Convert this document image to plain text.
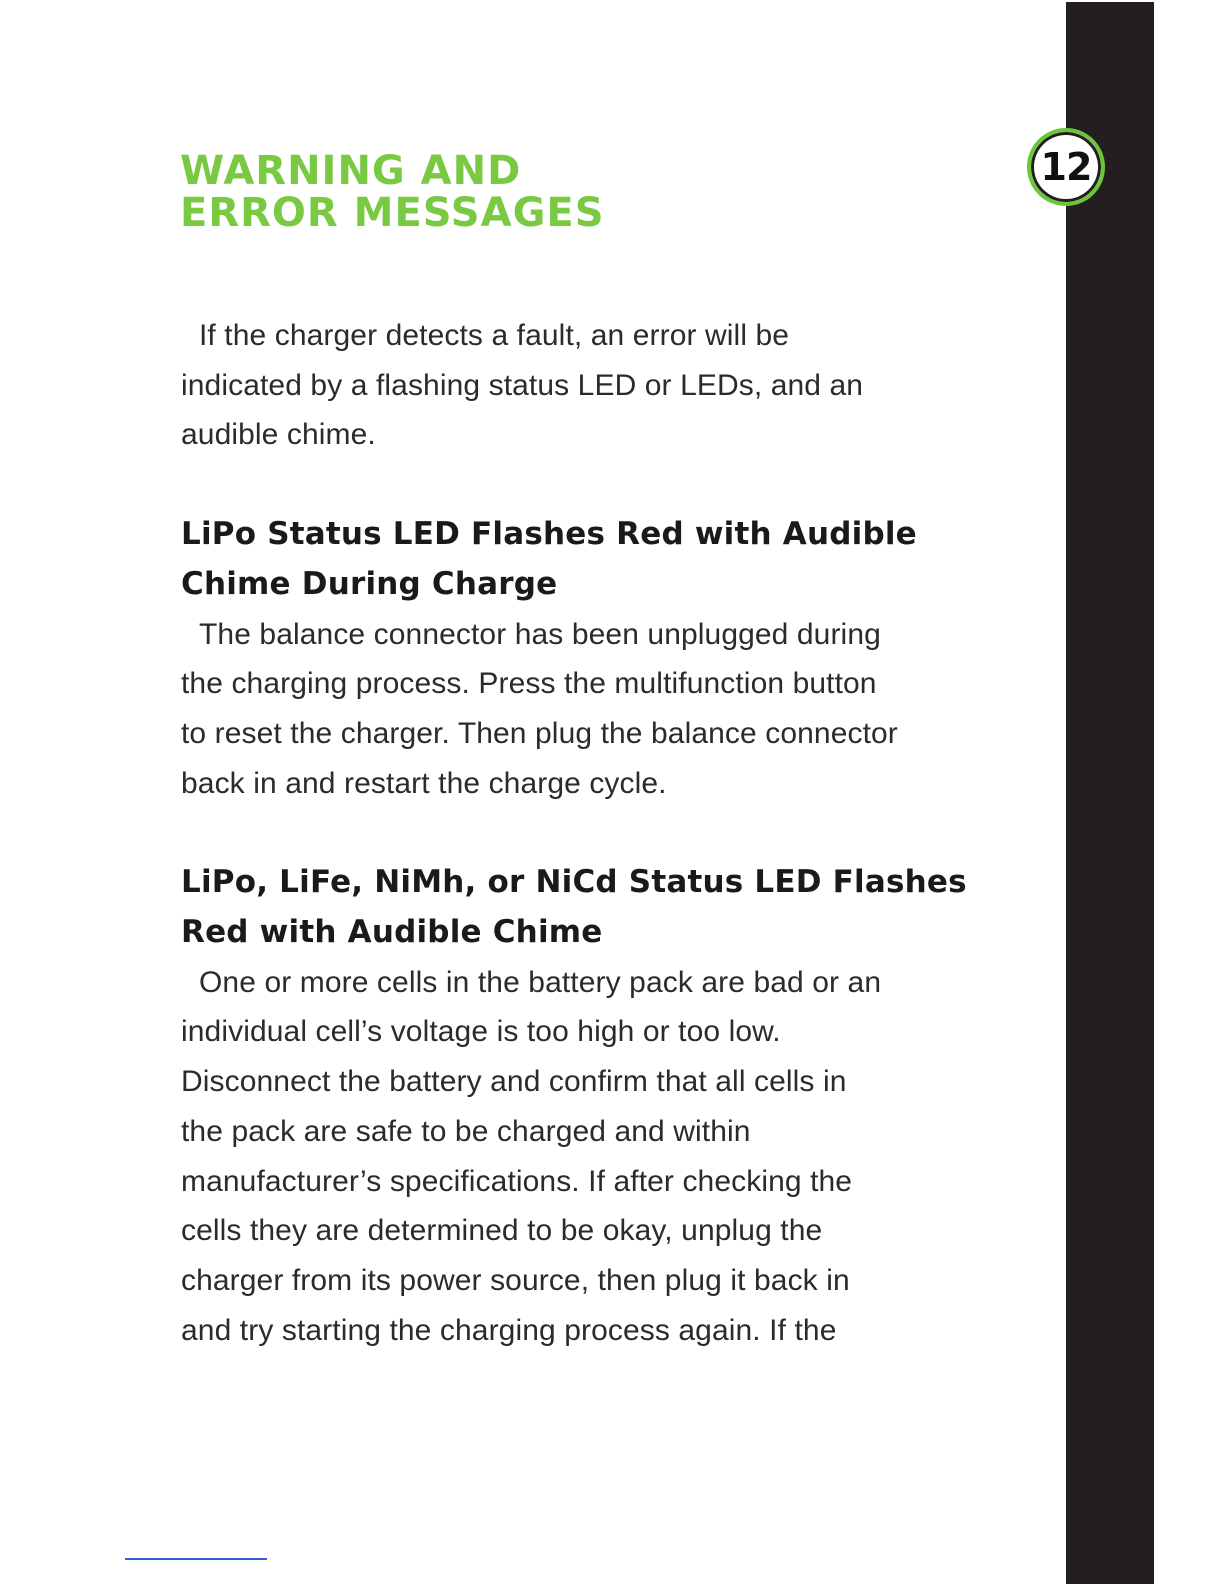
12
WARNING AND
ERROR MESSAGES

If the charger detects a fault, an error will be
indicated by a flashing status LED or LEDs, and an
audible chime.

LiPo Status LED Flashes Red with Audible
Chime During Charge

The balance connector has been unplugged during
the charging process. Press the multifunction button
to reset the charger. Then plug the balance connector
back in and restart the charge cycle.

LiPo, LiFe, NiMh, or NiCd Status LED Flashes
Red with Audible Chime

One or more cells in the battery pack are bad or an
individual cell’s voltage is too high or too low.
Disconnect the battery and confirm that all cells in
the pack are safe to be charged and within
manufacturer’s specifications. If after checking the
cells they are determined to be okay, unplug the
charger from its power source, then plug it back in
and try starting the charging process again. If the
